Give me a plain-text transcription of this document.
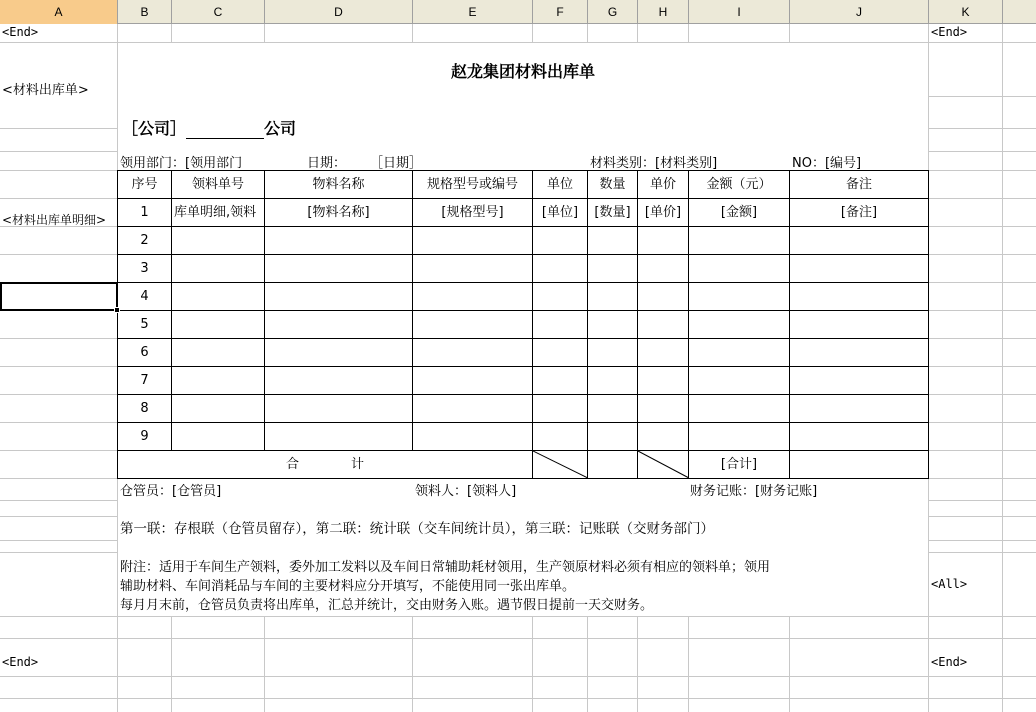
A	B	C	D	E	F	G	H	I	J	K
<End>	<End>
<材料出库单>
<材料出库单明细>
<All>
<End>	<End>
赵龙集团材料出库单
［公司］	公司
领用部门：[领用部门	日期： ［日期］	材料类别：[材料类别]	NO：[编号]
序号	领料单号	物料名称	规格型号或编号	单位	数量	单价	金额（元）	备注
1	库单明细,领料	[物料名称]	[规格型号]	[单位]	[数量]	[单价]	[金额]	[备注]
2
3
4
5
6
7
8
9
合　　　　计	[合计]
仓管员：[仓管员]	领料人：[领料人]	财务记账：[财务记账]
第一联：存根联（仓管员留存），第二联：统计联（交车间统计员），第三联：记账联（交财务部门）
附注：适用于车间生产领料，委外加工发料以及车间日常辅助耗材领用，生产领原材料必须有相应的领料单；领用
辅助材料、车间消耗品与车间的主要材料应分开填写，不能使用同一张出库单。
每月月末前，仓管员负责将出库单，汇总并统计，交由财务入账。遇节假日提前一天交财务。
